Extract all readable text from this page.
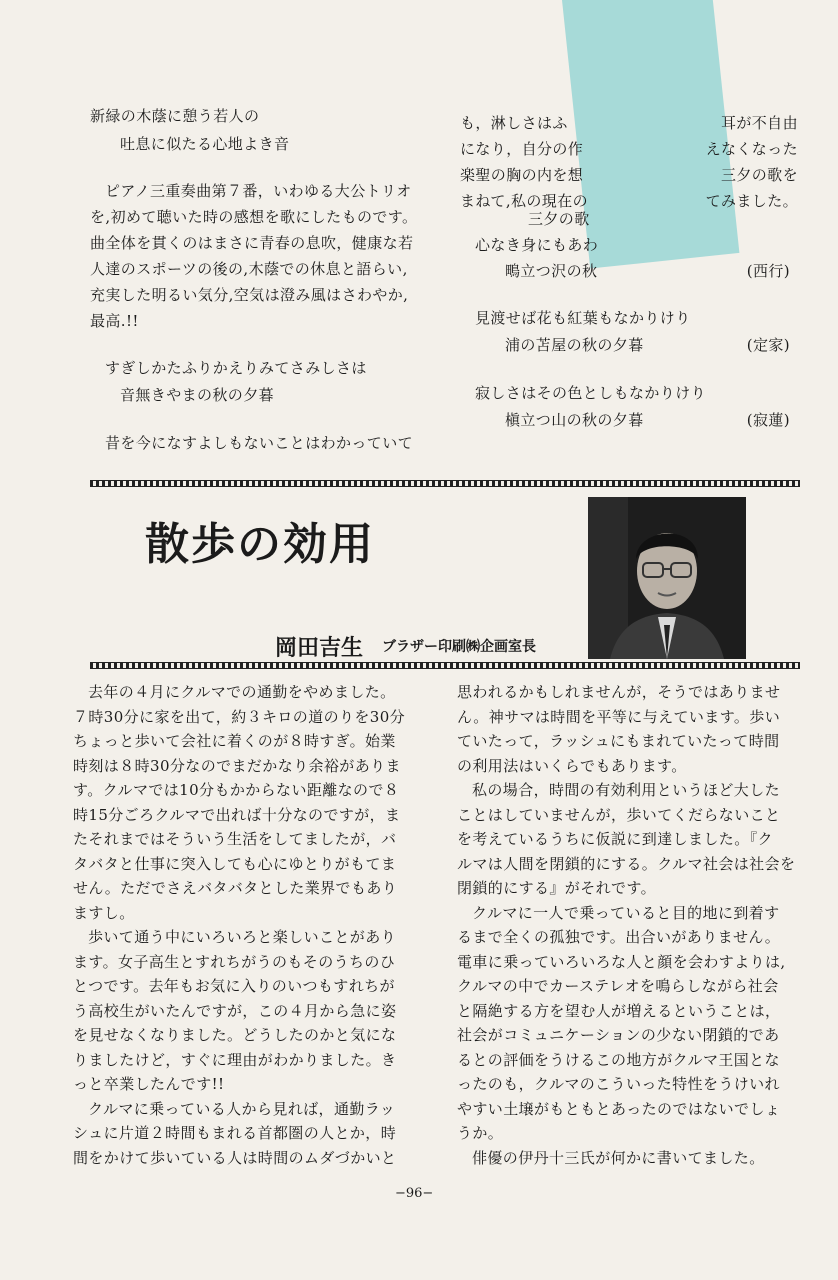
新緑の木蔭に憩う若人の
吐息に似たる心地よき音
ピアノ三重奏曲第７番，いわゆる大公トリオ
を,初めて聴いた時の感想を歌にしたものです。
曲全体を貫くのはまさに青春の息吹，健康な若
人達のスポーツの後の,木蔭での休息と語らい,
充実した明るい気分,空気は澄み風はさわやか,
最高.!!
すぎしかたふりかえりみてさみしさは
音無きやまの秋の夕暮
昔を今になすよしもないことはわかっていて
も，淋しさはふ	耳が不自由
になり，自分の作	えなくなった
楽聖の胸の内を想	三夕の歌を
まねて,私の現在の	てみました。
三夕の歌
心なき身にもあわ
鴫立つ沢の秋	(西行)
見渡せば花も紅葉もなかりけり
浦の苫屋の秋の夕暮	(定家)
寂しさはその色としもなかりけり
槇立つ山の秋の夕暮	(寂蓮)
散歩の効用
岡田吉生 ブラザー印刷㈱企画室長
去年の４月にクルマでの通勤をやめました。
７時30分に家を出て，約３キロの道のりを30分
ちょっと歩いて会社に着くのが８時すぎ。始業
時刻は８時30分なのでまだかなり余裕がありま
す。クルマでは10分もかからない距離なので８
時15分ごろクルマで出れば十分なのですが，ま
たそれまではそういう生活をしてましたが，バ
タバタと仕事に突入しても心にゆとりがもてま
せん。ただでさえバタバタとした業界でもあり
ますし。
歩いて通う中にいろいろと楽しいことがあり
ます。女子高生とすれちがうのもそのうちのひ
とつです。去年もお気に入りのいつもすれちが
う高校生がいたんですが，この４月から急に姿
を見せなくなりました。どうしたのかと気にな
りましたけど，すぐに理由がわかりました。き
っと卒業したんです!!
クルマに乗っている人から見れば，通勤ラッ
シュに片道２時間もまれる首都圏の人とか，時
間をかけて歩いている人は時間のムダづかいと
思われるかもしれませんが，そうではありませ
ん。神サマは時間を平等に与えています。歩い
ていたって，ラッシュにもまれていたって時間
の利用法はいくらでもあります。
私の場合，時間の有効利用というほど大した
ことはしていませんが，歩いてくだらないこと
を考えているうちに仮説に到達しました。『ク
ルマは人間を閉鎖的にする。クルマ社会は社会を
閉鎖的にする』がそれです。
クルマに一人で乗っていると目的地に到着す
るまで全くの孤独です。出合いがありません。
電車に乗っていろいろな人と顔を会わすよりは,
クルマの中でカーステレオを鳴らしながら社会
と隔絶する方を望む人が増えるということは，
社会がコミュニケーションの少ない閉鎖的であ
るとの評価をうけるこの地方がクルマ王国とな
ったのも，クルマのこういった特性をうけいれ
やすい土壌がもともとあったのではないでしょ
うか。
俳優の伊丹十三氏が何かに書いてました。
−96−
